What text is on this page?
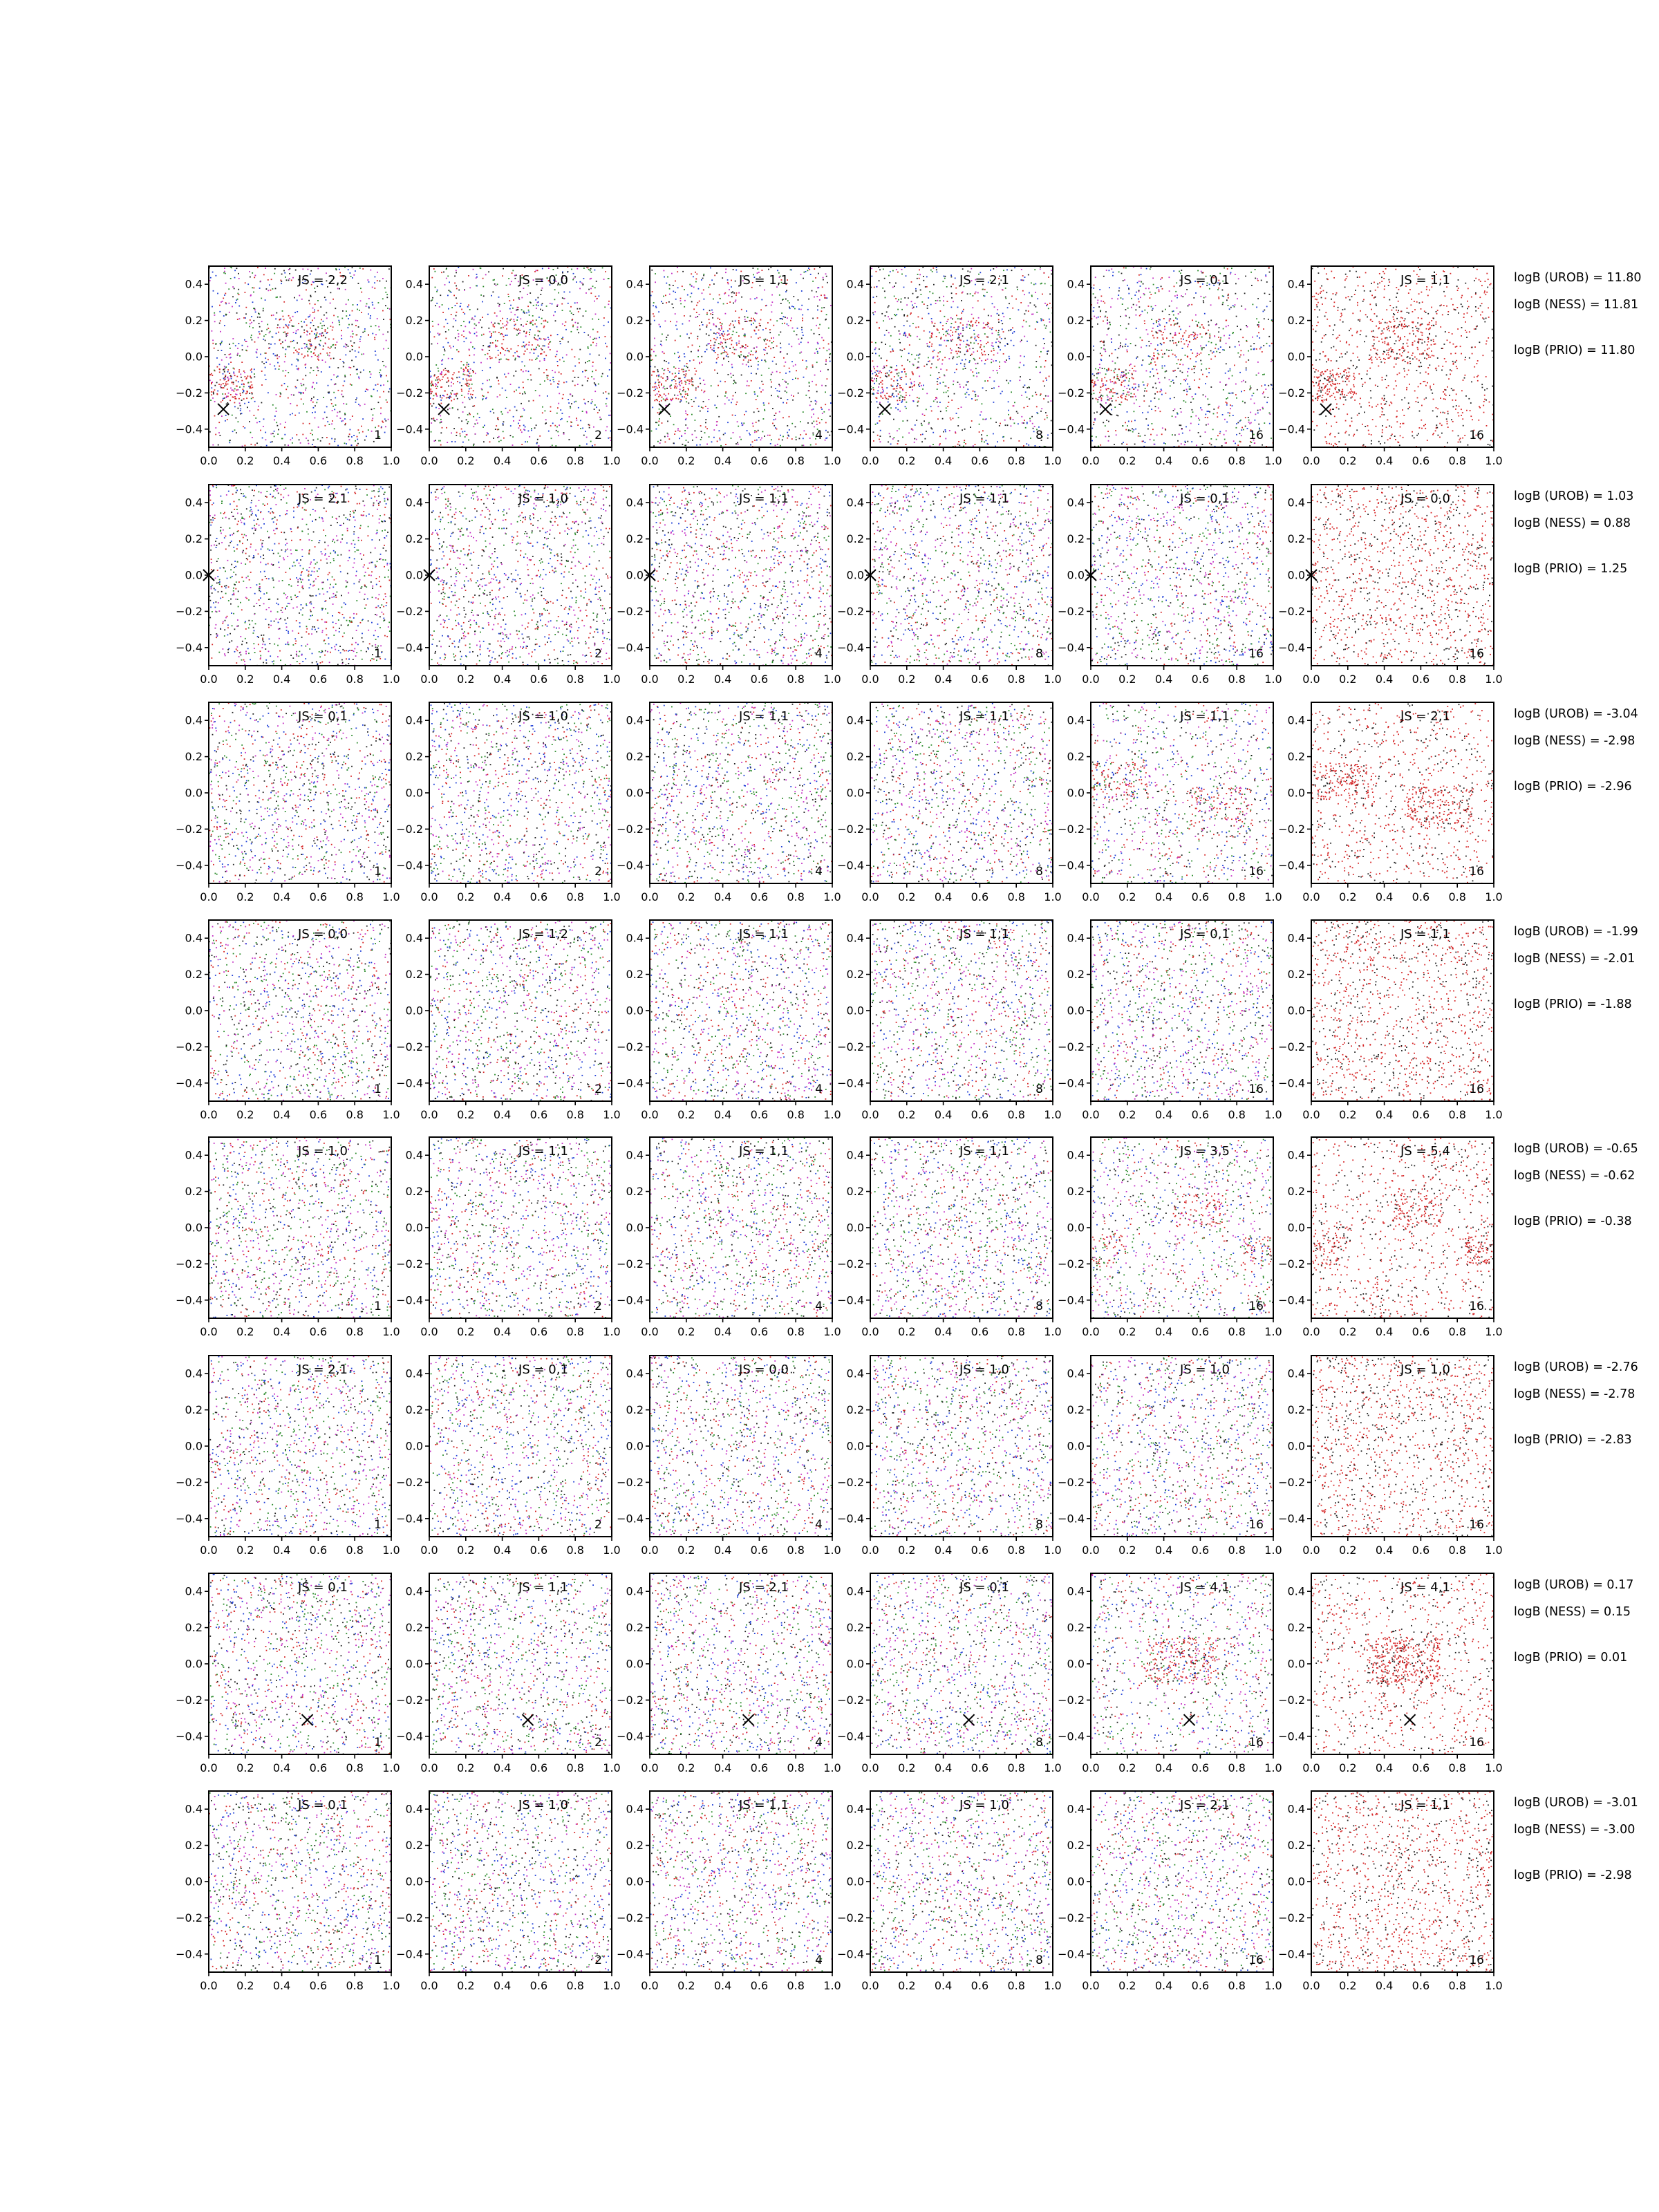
0.4
0.2
0.0
−0.2
−0.4
0.0 0.2 0.4 0.6 0.8 1.0
JS = 2,2
1
0.4
0.2
0.0
−0.2
−0.4
0.0 0.2 0.4 0.6 0.8 1.0
JS = 0,0
2
0.4
0.2
0.0
−0.2
−0.4
0.0 0.2 0.4 0.6 0.8 1.0
JS = 1,1
4
0.4
0.2
0.0
−0.2
−0.4
0.0 0.2 0.4 0.6 0.8 1.0
JS = 2,1
8
0.4
0.2
0.0
−0.2
−0.4
0.0 0.2 0.4 0.6 0.8 1.0
JS = 0,1
16
0.4
0.2
0.0
−0.2
−0.4
0.0 0.2 0.4 0.6 0.8 1.0
JS = 1,1
16
0.4
0.2
0.0
−0.2
−0.4
0.0 0.2 0.4 0.6 0.8 1.0
JS = 2,1
1
0.4
0.2
0.0
−0.2
−0.4
0.0 0.2 0.4 0.6 0.8 1.0
JS = 1,0
2
0.4
0.2
0.0
−0.2
−0.4
0.0 0.2 0.4 0.6 0.8 1.0
JS = 1,1
4
0.4
0.2
0.0
−0.2
−0.4
0.0 0.2 0.4 0.6 0.8 1.0
JS = 1,1
8
0.4
0.2
0.0
−0.2
−0.4
0.0 0.2 0.4 0.6 0.8 1.0
JS = 0,1
16
0.4
0.2
0.0
−0.2
−0.4
0.0 0.2 0.4 0.6 0.8 1.0
JS = 0,0
16
0.4
0.2
0.0
−0.2
−0.4
0.0 0.2 0.4 0.6 0.8 1.0
JS = 0,1
1
0.4
0.2
0.0
−0.2
−0.4
0.0 0.2 0.4 0.6 0.8 1.0
JS = 1,0
2
0.4
0.2
0.0
−0.2
−0.4
0.0 0.2 0.4 0.6 0.8 1.0
JS = 1,1
4
0.4
0.2
0.0
−0.2
−0.4
0.0 0.2 0.4 0.6 0.8 1.0
JS = 1,1
8
0.4
0.2
0.0
−0.2
−0.4
0.0 0.2 0.4 0.6 0.8 1.0
JS = 1,1
16
0.4
0.2
0.0
−0.2
−0.4
0.0 0.2 0.4 0.6 0.8 1.0
JS = 2,1
16
0.4
0.2
0.0
−0.2
−0.4
0.0 0.2 0.4 0.6 0.8 1.0
JS = 0,0
1
0.4
0.2
0.0
−0.2
−0.4
0.0 0.2 0.4 0.6 0.8 1.0
JS = 1,2
2
0.4
0.2
0.0
−0.2
−0.4
0.0 0.2 0.4 0.6 0.8 1.0
JS = 1,1
4
0.4
0.2
0.0
−0.2
−0.4
0.0 0.2 0.4 0.6 0.8 1.0
JS = 1,1
8
0.4
0.2
0.0
−0.2
−0.4
0.0 0.2 0.4 0.6 0.8 1.0
JS = 0,1
16
0.4
0.2
0.0
−0.2
−0.4
0.0 0.2 0.4 0.6 0.8 1.0
JS = 1,1
16
0.4
0.2
0.0
−0.2
−0.4
0.0 0.2 0.4 0.6 0.8 1.0
JS = 1,0
1
0.4
0.2
0.0
−0.2
−0.4
0.0 0.2 0.4 0.6 0.8 1.0
JS = 1,1
2
0.4
0.2
0.0
−0.2
−0.4
0.0 0.2 0.4 0.6 0.8 1.0
JS = 1,1
4
0.4
0.2
0.0
−0.2
−0.4
0.0 0.2 0.4 0.6 0.8 1.0
JS = 1,1
8
0.4
0.2
0.0
−0.2
−0.4
0.0 0.2 0.4 0.6 0.8 1.0
JS = 3,5
16
0.4
0.2
0.0
−0.2
−0.4
0.0 0.2 0.4 0.6 0.8 1.0
JS = 5,4
16
0.4
0.2
0.0
−0.2
−0.4
0.0 0.2 0.4 0.6 0.8 1.0
JS = 2,1
1
0.4
0.2
0.0
−0.2
−0.4
0.0 0.2 0.4 0.6 0.8 1.0
JS = 0,1
2
0.4
0.2
0.0
−0.2
−0.4
0.0 0.2 0.4 0.6 0.8 1.0
JS = 0,0
4
0.4
0.2
0.0
−0.2
−0.4
0.0 0.2 0.4 0.6 0.8 1.0
JS = 1,0
8
0.4
0.2
0.0
−0.2
−0.4
0.0 0.2 0.4 0.6 0.8 1.0
JS = 1,0
16
0.4
0.2
0.0
−0.2
−0.4
0.0 0.2 0.4 0.6 0.8 1.0
JS = 1,0
16
0.4
0.2
0.0
−0.2
−0.4
0.0 0.2 0.4 0.6 0.8 1.0
JS = 0,1
1
0.4
0.2
0.0
−0.2
−0.4
0.0 0.2 0.4 0.6 0.8 1.0
JS = 1,1
2
0.4
0.2
0.0
−0.2
−0.4
0.0 0.2 0.4 0.6 0.8 1.0
JS = 2,1
4
0.4
0.2
0.0
−0.2
−0.4
0.0 0.2 0.4 0.6 0.8 1.0
JS = 0,1
8
0.4
0.2
0.0
−0.2
−0.4
0.0 0.2 0.4 0.6 0.8 1.0
JS = 4,1
16
0.4
0.2
0.0
−0.2
−0.4
0.0 0.2 0.4 0.6 0.8 1.0
JS = 4,1
16
0.4
0.2
0.0
−0.2
−0.4
0.0 0.2 0.4 0.6 0.8 1.0
JS = 0,1
1
0.4
0.2
0.0
−0.2
−0.4
0.0 0.2 0.4 0.6 0.8 1.0
JS = 1,0
2
0.4
0.2
0.0
−0.2
−0.4
0.0 0.2 0.4 0.6 0.8 1.0
JS = 1,1
4
0.4
0.2
0.0
−0.2
−0.4
0.0 0.2 0.4 0.6 0.8 1.0
JS = 1,0
8
0.4
0.2
0.0
−0.2
−0.4
0.0 0.2 0.4 0.6 0.8 1.0
JS = 2,1
16
0.4
0.2
0.0
−0.2
−0.4
0.0 0.2 0.4 0.6 0.8 1.0
JS = 1,1
16
logB (UROB) = 11.80
logB (NESS) = 11.81
logB (PRIO) = 11.80
logB (UROB) = 1.03
logB (NESS) = 0.88
logB (PRIO) = 1.25
logB (UROB) = -3.04
logB (NESS) = -2.98
logB (PRIO) = -2.96
logB (UROB) = -1.99
logB (NESS) = -2.01
logB (PRIO) = -1.88
logB (UROB) = -0.65
logB (NESS) = -0.62
logB (PRIO) = -0.38
logB (UROB) = -2.76
logB (NESS) = -2.78
logB (PRIO) = -2.83
logB (UROB) = 0.17
logB (NESS) = 0.15
logB (PRIO) = 0.01
logB (UROB) = -3.01
logB (NESS) = -3.00
logB (PRIO) = -2.98
